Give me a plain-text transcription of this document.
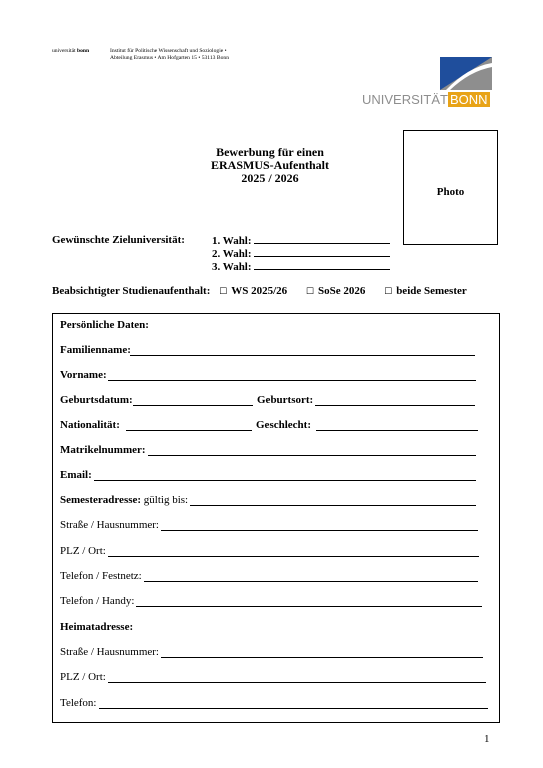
universität bonn	Institut für Politische Wissenschaft und Soziologie •
Abteilung Erasmus • Am Hofgarten 15 • 53113 Bonn
UNIVERSITÄT BONN
Bewerbung für einen
ERASMUS-Aufenthalt
2025 / 2026
Photo
Gewünschte Zieluniversität: 1. Wahl:
2. Wahl:
3. Wahl:
Beabsichtigter Studienaufenthalt: ☐ WS 2025/26 ☐ SoSe 2026 ☐ beide Semester
Persönliche Daten:
Familienname:
Vorname:
Geburtsdatum:	Geburtsort:
Nationalität:	Geschlecht:
Matrikelnummer:
Email:
Semesteradresse: gültig bis:
Straße / Hausnummer:
PLZ / Ort:
Telefon / Festnetz:
Telefon / Handy:
Heimatadresse:
Straße / Hausnummer:
PLZ / Ort:
Telefon:
1
